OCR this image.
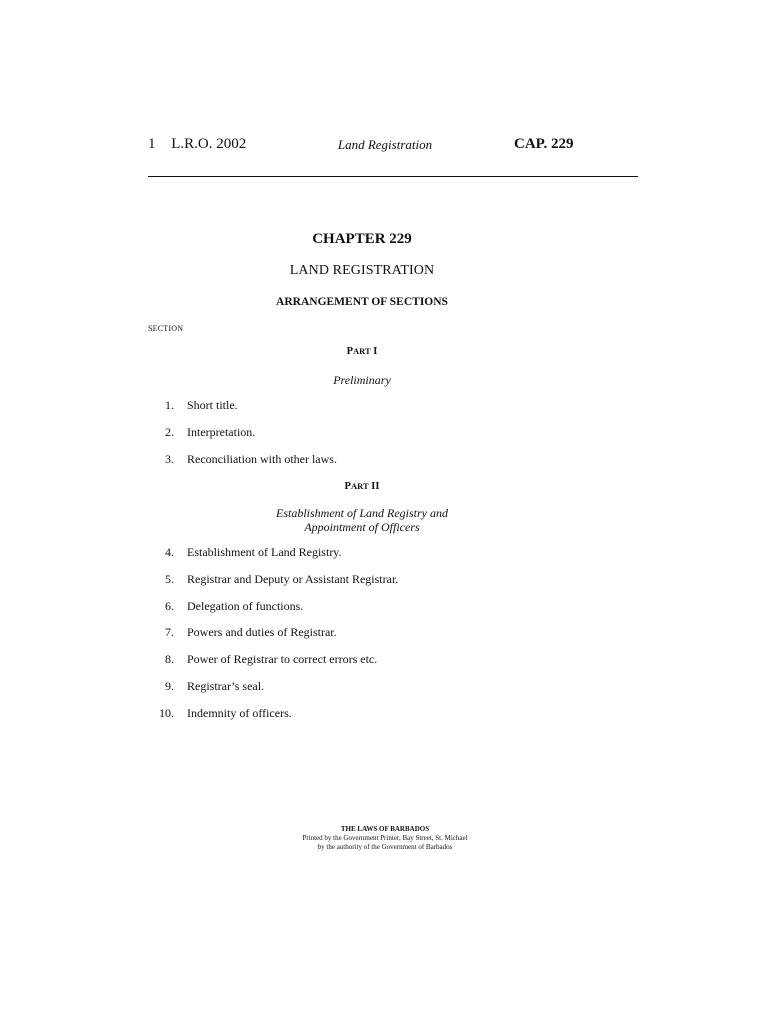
1 L.R.O. 2002	Land Registration	CAP. 229
CHAPTER 229
LAND REGISTRATION
ARRANGEMENT OF SECTIONS
SECTION
PART I
Preliminary
1. Short title.
2. Interpretation.
3. Reconciliation with other laws.
PART II
Establishment of Land Registry and
Appointment of Officers
4. Establishment of Land Registry.
5. Registrar and Deputy or Assistant Registrar.
6. Delegation of functions.
7. Powers and duties of Registrar.
8. Power of Registrar to correct errors etc.
9. Registrar’s seal.
10. Indemnity of officers.
THE LAWS OF BARBADOS
Printed by the Government Printer, Bay Street, St. Michael
by the authority of the Government of Barbados
